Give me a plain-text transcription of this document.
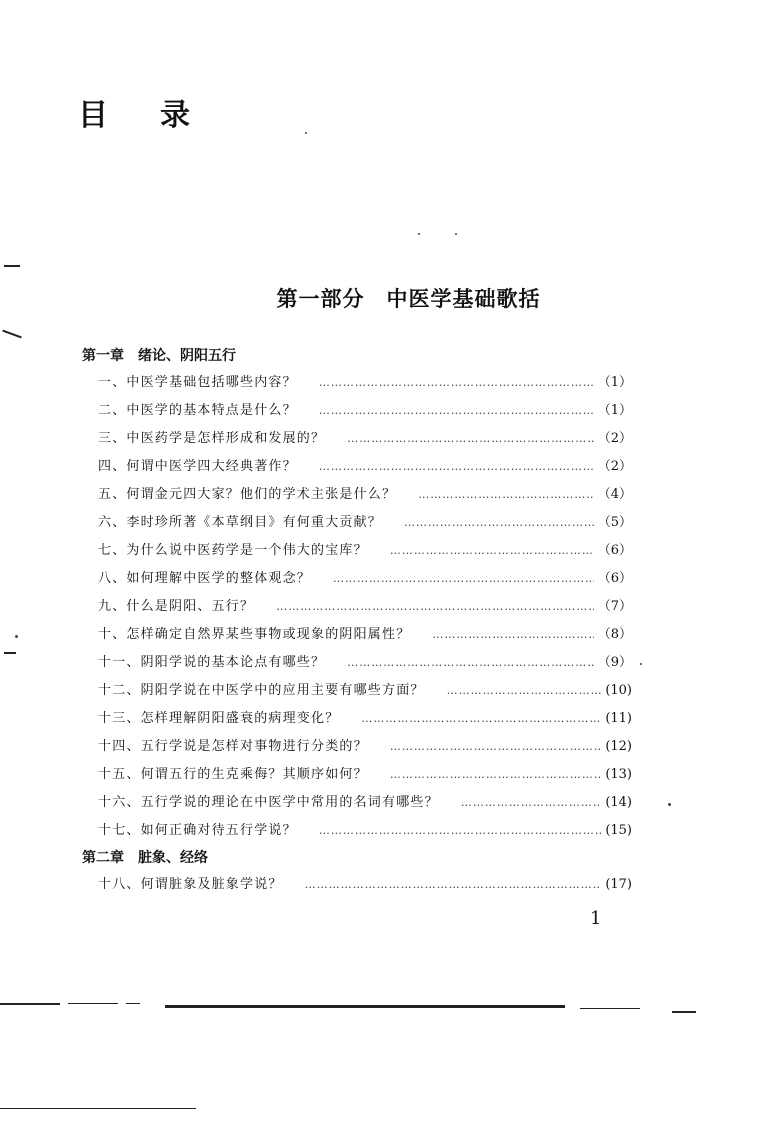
目录
第一部分 中医学基础歌括
第一章 绪论、阴阳五行
一、中医学基础包括哪些内容？ ………………………………………………………………………………………………………………………………………………	（1）
二、中医学的基本特点是什么？ ………………………………………………………………………………………………………………………………………………	（1）
三、中医药学是怎样形成和发展的？ ………………………………………………………………………………………………………………………………………………	（2）
四、何谓中医学四大经典著作？ ………………………………………………………………………………………………………………………………………………	（2）
五、何谓金元四大家？他们的学术主张是什么？ ………………………………………………………………………………………………………………………………………………	（4）
六、李时珍所著《本草纲目》有何重大贡献？ ………………………………………………………………………………………………………………………………………………	（5）
七、为什么说中医药学是一个伟大的宝库？ ………………………………………………………………………………………………………………………………………………	（6）
八、如何理解中医学的整体观念？ ………………………………………………………………………………………………………………………………………………	（6）
九、什么是阴阳、五行？ ………………………………………………………………………………………………………………………………………………	（7）
十、怎样确定自然界某些事物或现象的阴阳属性？ ………………………………………………………………………………………………………………………………………………	（8）
十一、阴阳学说的基本论点有哪些？ ………………………………………………………………………………………………………………………………………………	（9）
十二、阴阳学说在中医学中的应用主要有哪些方面？ ………………………………………………………………………………………………………………………………………………	(10)
十三、怎样理解阴阳盛衰的病理变化？ ………………………………………………………………………………………………………………………………………………	(11)
十四、五行学说是怎样对事物进行分类的？ ………………………………………………………………………………………………………………………………………………	(12)
十五、何谓五行的生克乘侮？其顺序如何？ ………………………………………………………………………………………………………………………………………………	(13)
十六、五行学说的理论在中医学中常用的名词有哪些？ ………………………………………………………………………………………………………………………………………………	(14)
十七、如何正确对待五行学说？ ………………………………………………………………………………………………………………………………………………	(15)
第二章 脏象、经络
十八、何谓脏象及脏象学说？ ………………………………………………………………………………………………………………………………………………	(17)
1
